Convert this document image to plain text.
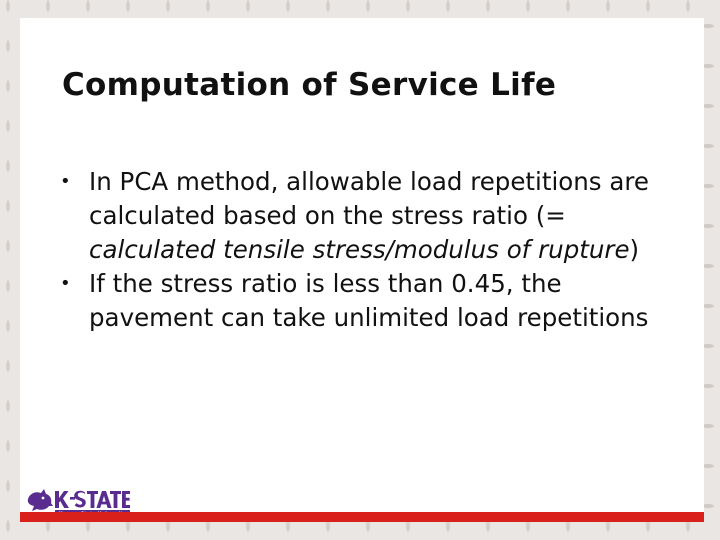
Computation of Service Life
• In PCA method, allowable load repetitions are calculated based on the stress ratio (= calculated tensile stress/modulus of rupture)
• If the stress ratio is less than 0.45, the pavement can take unlimited load repetitions
